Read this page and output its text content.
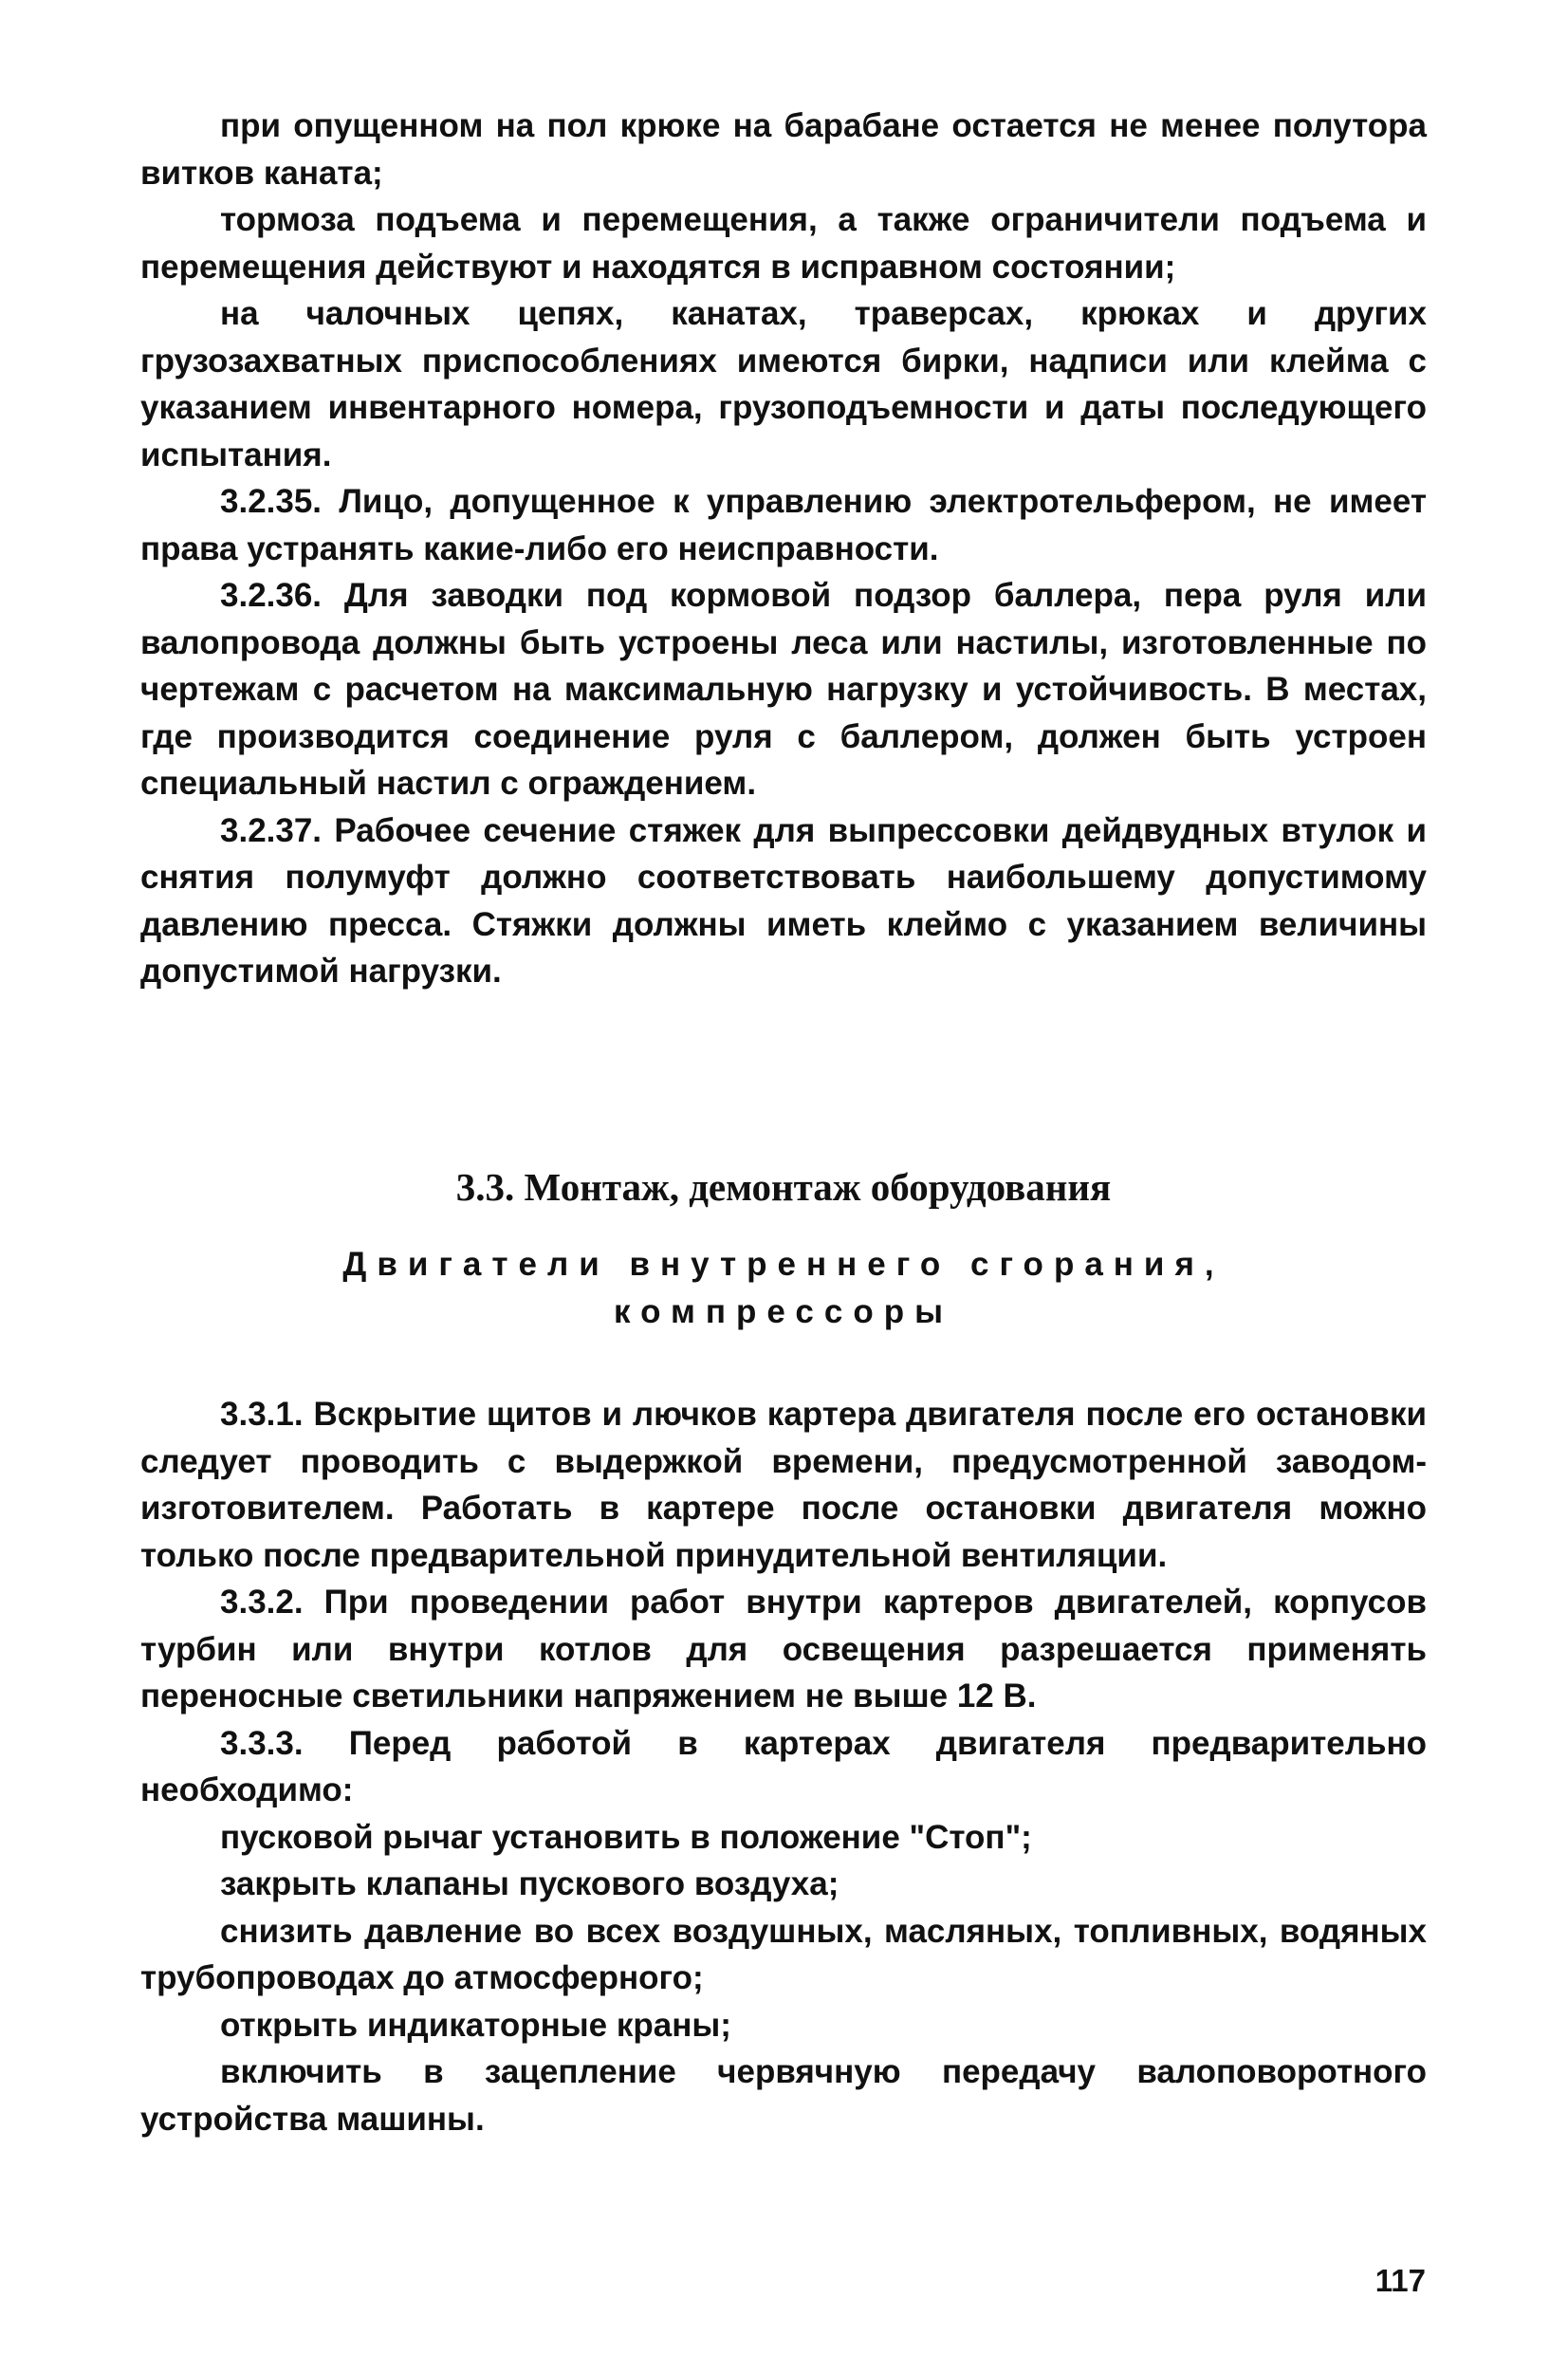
при опущенном на пол крюке на барабане остается не менее полутора витков каната;

тормоза подъема и перемещения, а также ограничители подъема и перемещения действуют и находятся в исправном состоянии;

на чалочных цепях, канатах, траверсах, крюках и других грузозахватных приспособлениях имеются бирки, надписи или клейма с указанием инвентарного номера, грузоподъемности и даты последующего испытания.

3.2.35. Лицо, допущенное к управлению электротельфером, не имеет права устранять какие-либо его неисправности.

3.2.36. Для заводки под кормовой подзор баллера, пера руля или валопровода должны быть устроены леса или настилы, изготовленные по чертежам с расчетом на максимальную нагрузку и устойчивость. В местах, где производится соединение руля с баллером, должен быть устроен специальный настил с ограждением.

3.2.37. Рабочее сечение стяжек для выпрессовки дейдвудных втулок и снятия полумуфт должно соответствовать наибольшему допустимому давлению пресса. Стяжки должны иметь клеймо с указанием величины допустимой нагрузки.

3.3. Монтаж, демонтаж оборудования
Двигатели внутреннего сгорания,
компрессоры

3.3.1. Вскрытие щитов и лючков картера двигателя после его остановки следует проводить с выдержкой времени, предусмотренной заводом-изготовителем. Работать в картере после остановки двигателя можно только после предварительной принудительной вентиляции.

3.3.2. При проведении работ внутри картеров двигателей, корпусов турбин или внутри котлов для освещения разрешается применять переносные светильники напряжением не выше 12 В.

3.3.3. Перед работой в картерах двигателя предварительно необходимо:

пусковой рычаг установить в положение "Стоп";

закрыть клапаны пускового воздуха;

снизить давление во всех воздушных, масляных, топливных, водяных трубопроводах до атмосферного;

открыть индикаторные краны;

включить в зацепление червячную передачу валоповоротного устройства машины.

117
